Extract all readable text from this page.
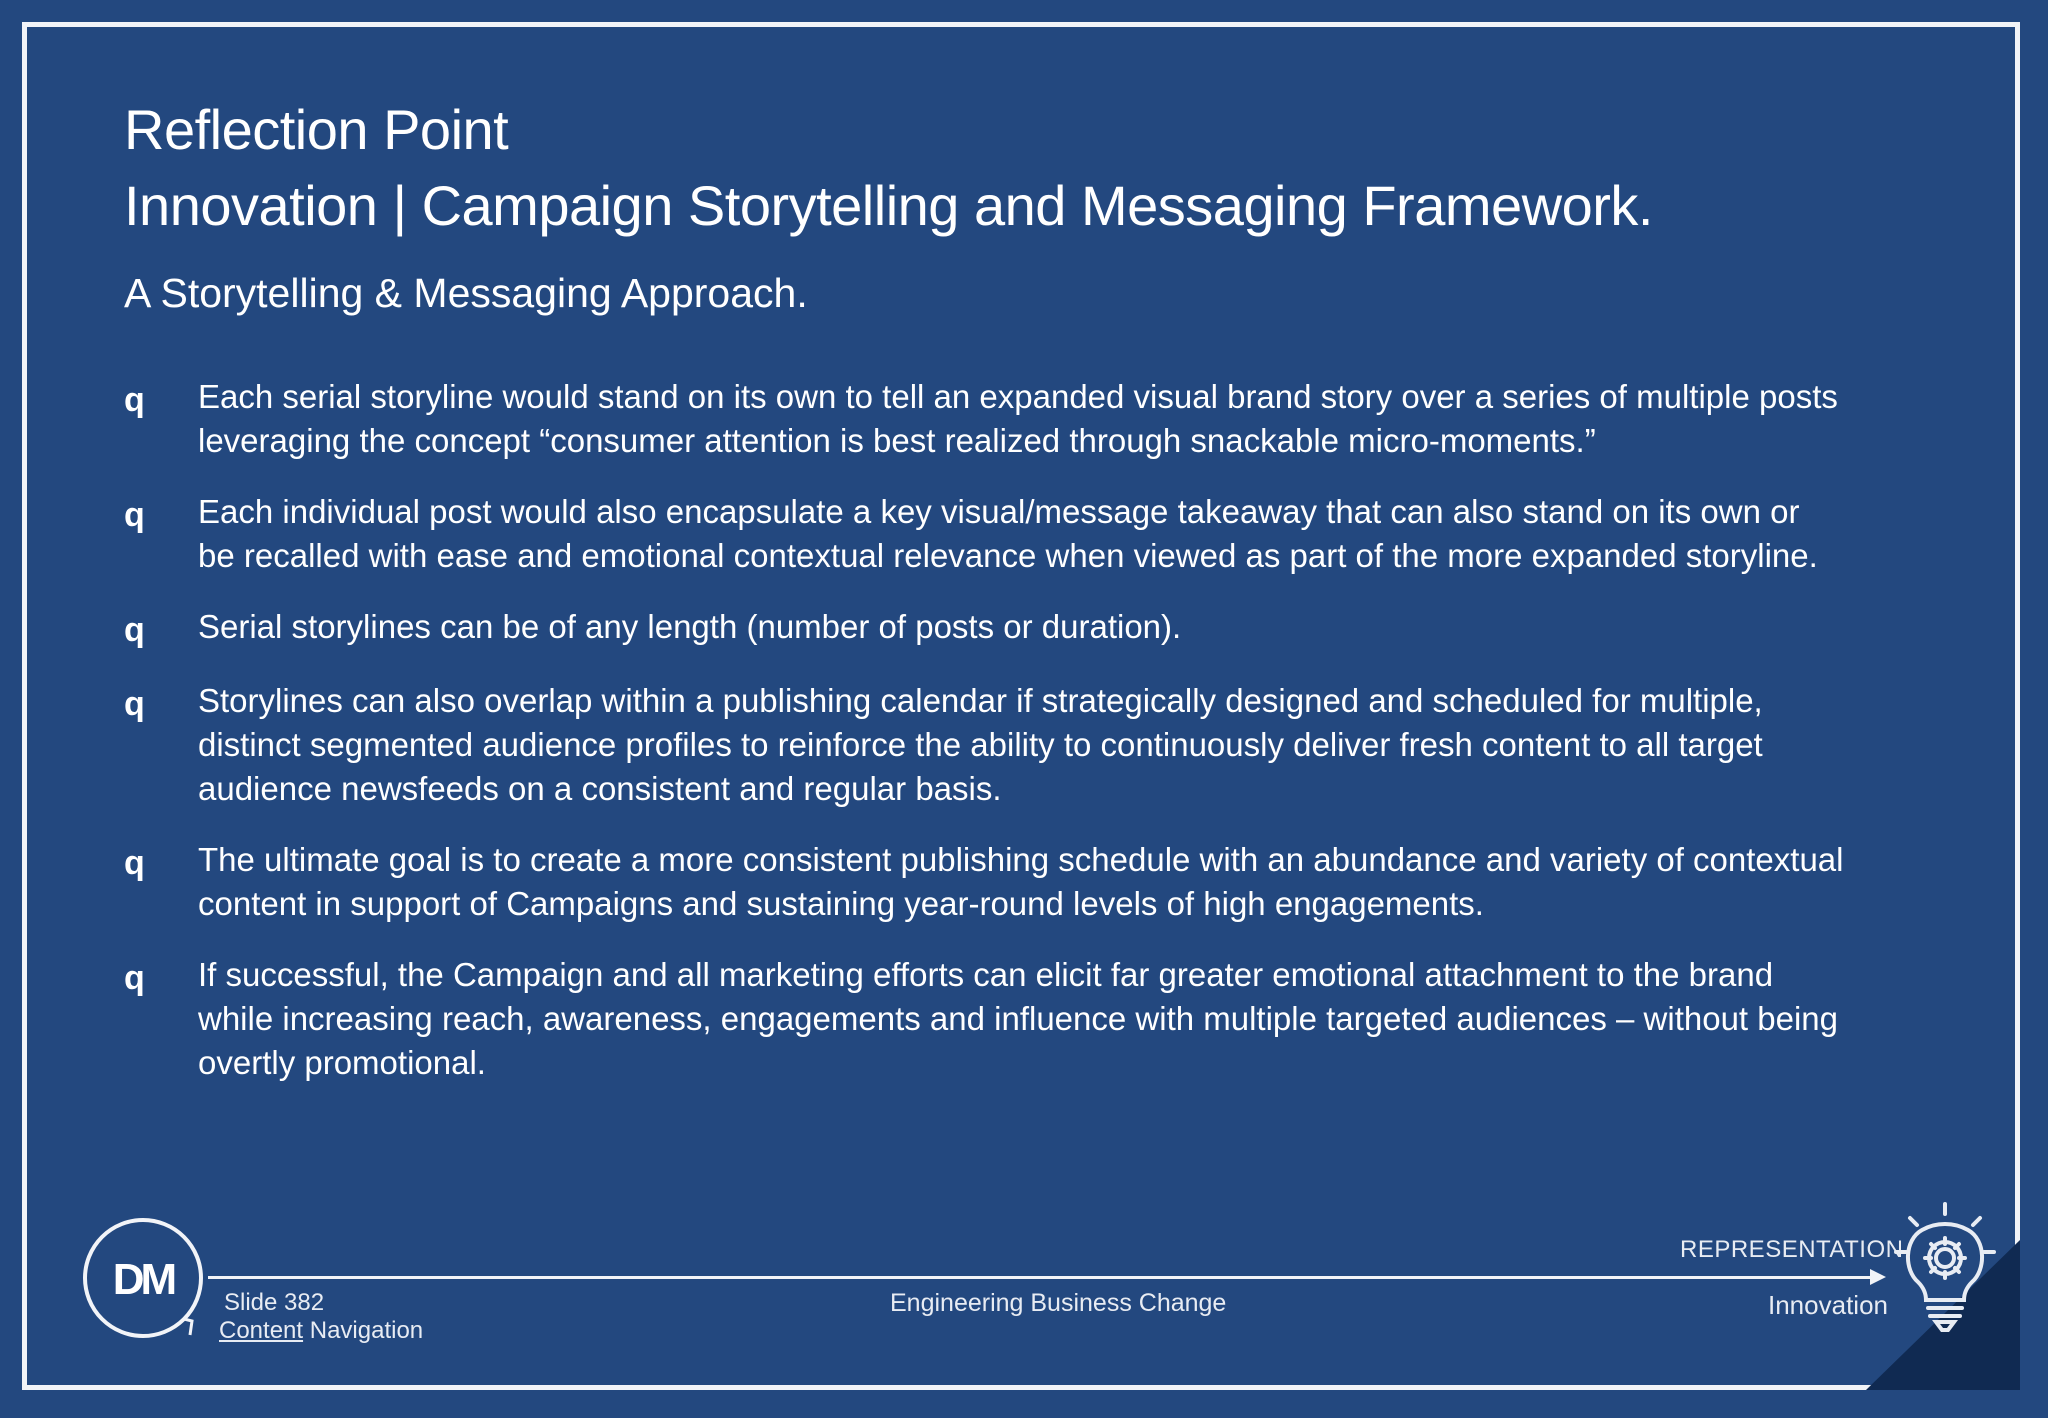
Reflection Point
Innovation | Campaign Storytelling and Messaging Framework.
A Storytelling & Messaging Approach.
q	Each serial storyline would stand on its own to tell an expanded visual brand story over a series of multiple posts leveraging the concept “consumer attention is best realized through snackable micro-moments.”
q	Each individual post would also encapsulate a key visual/message takeaway that can also stand on its own or be recalled with ease and emotional contextual relevance when viewed as part of the more expanded storyline.
q	Serial storylines can be of any length (number of posts or duration).
q	Storylines can also overlap within a publishing calendar if strategically designed and scheduled for multiple, distinct segmented audience profiles to reinforce the ability to continuously deliver fresh content to all target audience newsfeeds on a consistent and regular basis.
q	The ultimate goal is to create a more consistent publishing schedule with an abundance and variety of contextual content in support of Campaigns and sustaining year-round levels of high engagements.
q	If successful, the Campaign and all marketing efforts can elicit far greater emotional attachment to the brand while increasing reach, awareness, engagements and influence with multiple targeted audiences – without being overtly promotional.
DM Slide 382
Content Navigation
Engineering Business Change
REPRESENTATION
Innovation
